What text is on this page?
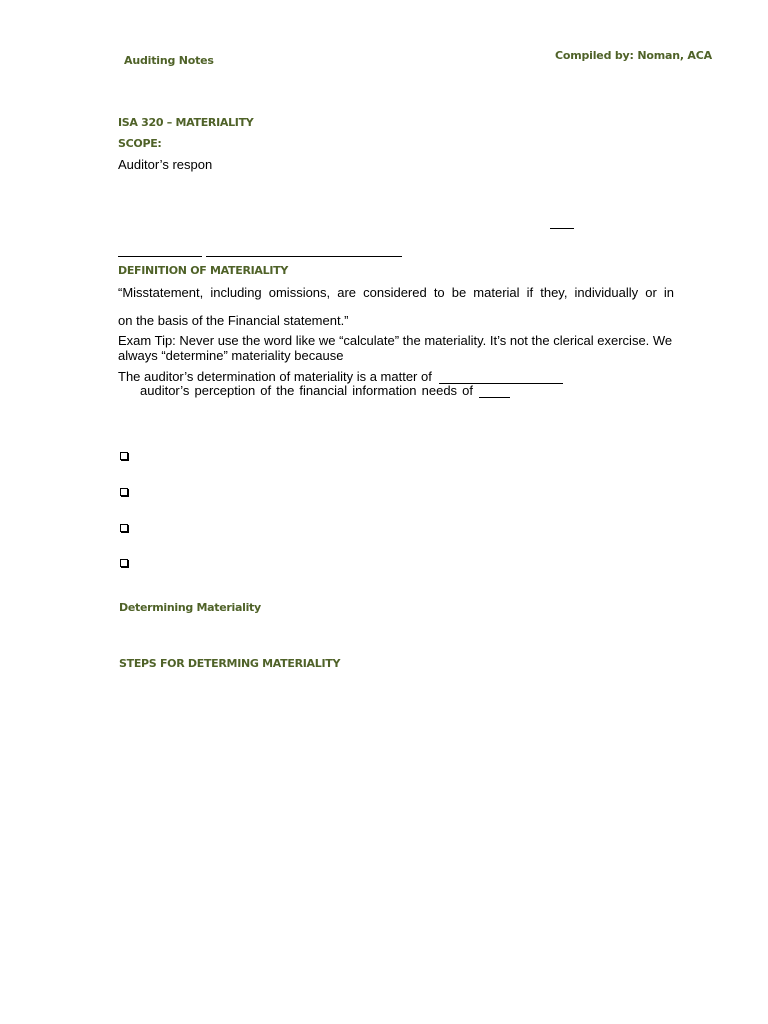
Auditing Notes	Compiled by: Noman, ACA
ISA 320 – MATERIALITY
SCOPE:
Auditor’s respon
DEFINITION OF MATERIALITY
“Misstatement, including omissions, are considered to be material if they, individually or in
on the basis of the Financial statement.”
Exam Tip: Never use the word like we “calculate” the materiality. It’s not the clerical exercise. We
always “determine” materiality because
The auditor’s determination of materiality is a matter of
auditor’s perception of the financial information needs of
Determining Materiality
STEPS FOR DETERMING MATERIALITY
